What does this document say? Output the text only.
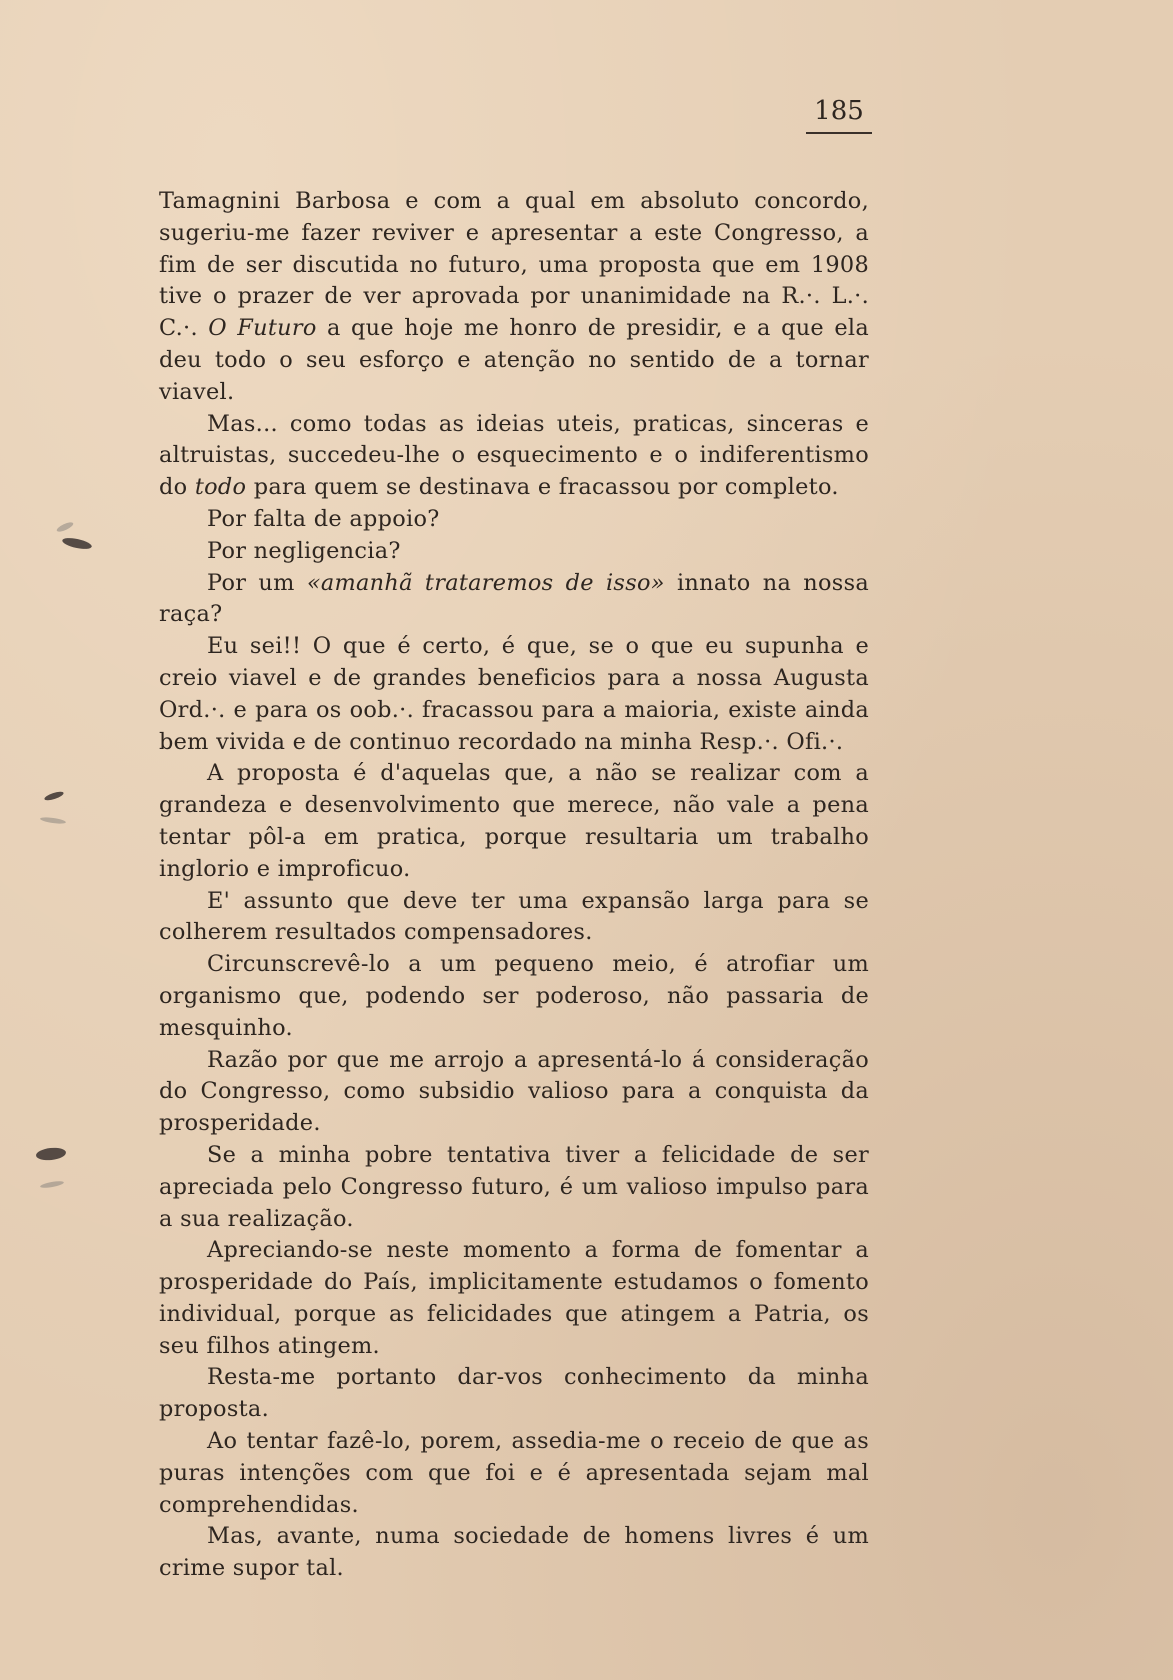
185

Tamagnini Barbosa e com a qual em absoluto concordo, sugeriu-me fazer reviver e apresentar a este Congresso, a fim de ser discutida no futuro, uma proposta que em 1908 tive o prazer de ver aprovada por unanimidade na R.·. L.·. C.·. O Futuro a que hoje me honro de presidir, e a que ela deu todo o seu esforço e atenção no sentido de a tornar viavel.

Mas... como todas as ideias uteis, praticas, sinceras e altruistas, succedeu-lhe o esquecimento e o indiferentismo do todo para quem se destinava e fracassou por completo.

Por falta de appoio?

Por negligencia?

Por um «amanhã trataremos de isso» innato na nossa raça?

Eu sei!! O que é certo, é que, se o que eu supunha e creio viavel e de grandes beneficios para a nossa Augusta Ord.·. e para os oob.·. fracassou para a maioria, existe ainda bem vivida e de continuo recordado na minha Resp.·. Ofi.·.

A proposta é d'aquelas que, a não se realizar com a grandeza e desenvolvimento que merece, não vale a pena tentar pôl-a em pratica, porque resultaria um trabalho inglorio e improficuo.

E' assunto que deve ter uma expansão larga para se colherem resultados compensadores.

Circunscrevê-lo a um pequeno meio, é atrofiar um organismo que, podendo ser poderoso, não passaria de mesquinho.

Razão por que me arrojo a apresentá-lo á consideração do Congresso, como subsidio valioso para a conquista da prosperidade.

Se a minha pobre tentativa tiver a felicidade de ser apreciada pelo Congresso futuro, é um valioso impulso para a sua realização.

Apreciando-se neste momento a forma de fomentar a prosperidade do País, implicitamente estudamos o fomento individual, porque as felicidades que atingem a Patria, os seu filhos atingem.

Resta-me portanto dar-vos conhecimento da minha proposta.

Ao tentar fazê-lo, porem, assedia-me o receio de que as puras intenções com que foi e é apresentada sejam mal comprehendidas.

Mas, avante, numa sociedade de homens livres é um crime supor tal.
